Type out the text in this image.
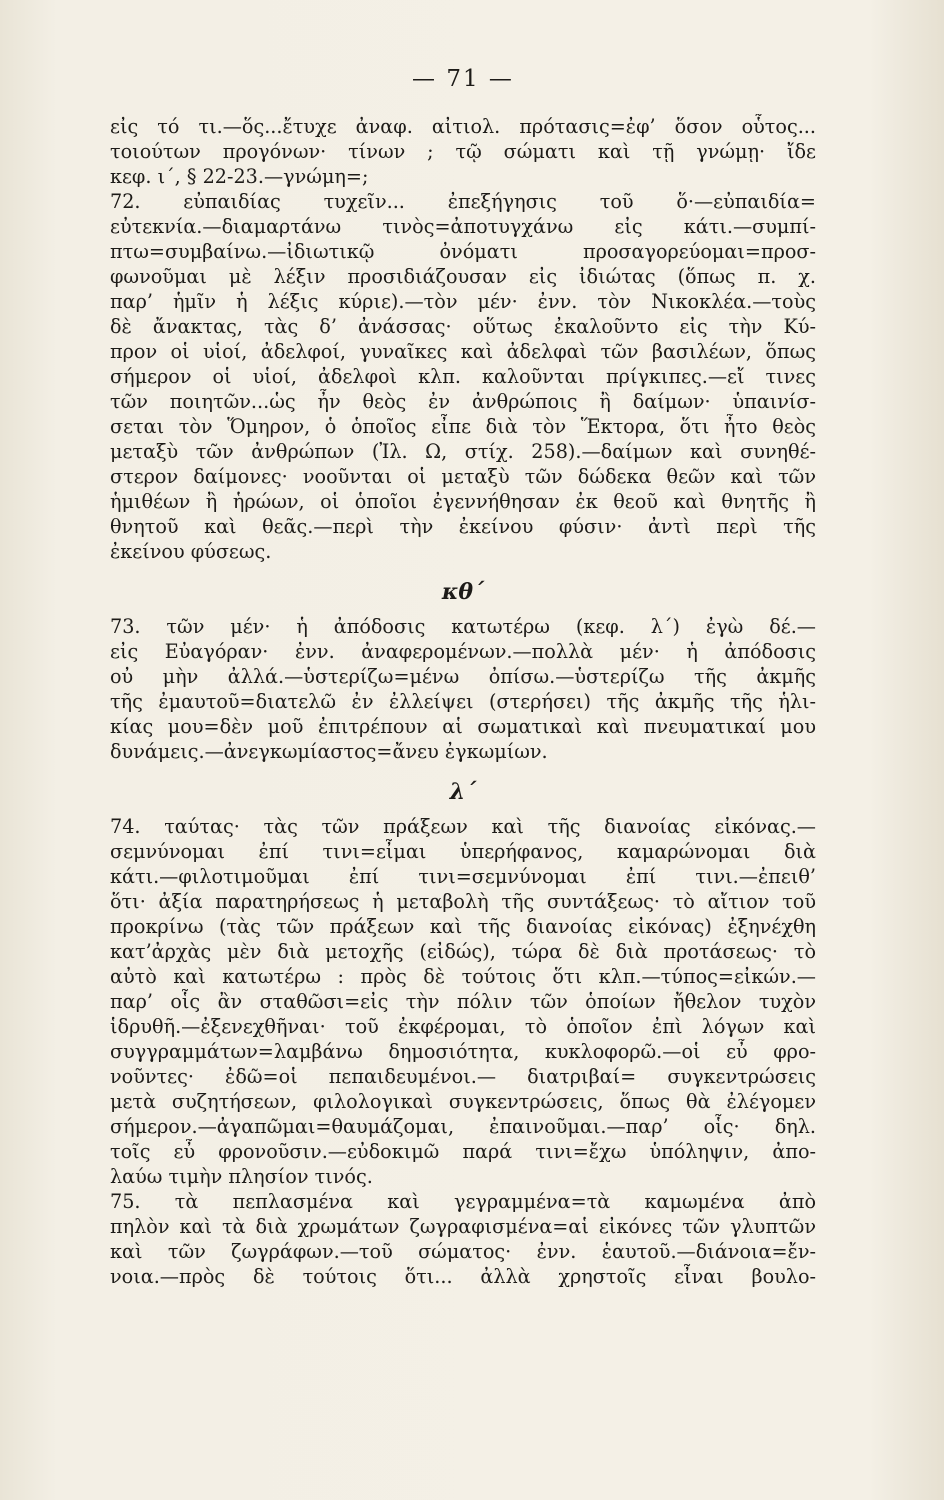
— 71 —
εἰς τό τι.—ὅς...ἔτυχε ἀναφ. αἰτιολ. πρότασις=ἐφ’ ὅσον οὗτος...
τοιούτων προγόνων· τίνων ; τῷ σώματι καὶ τῇ γνώμῃ· ἴδε
κεφ. ι΄, § 22-23.—γνώμη=;
72. εὐπαιδίας τυχεῖν... ἐπεξήγησις τοῦ ὅ·—εὐπαιδία=
εὐτεκνία.—διαμαρτάνω τινὸς=ἀποτυγχάνω εἰς κάτι.—συμπί-
πτω=συμβαίνω.—ἰδιωτικῷ ὀνόματι προσαγορεύομαι=προσ-
φωνοῦμαι μὲ λέξιν προσιδιάζουσαν εἰς ἰδιώτας (ὅπως π. χ.
παρ’ ἡμῖν ἡ λέξις κύριε).—τὸν μέν· ἐνν. τὸν Νικοκλέα.—τοὺς
δὲ ἄνακτας, τὰς δ’ ἀνάσσας· οὕτως ἐκαλοῦντο εἰς τὴν Κύ-
προν οἱ υἱοί, ἀδελφοί, γυναῖκες καὶ ἀδελφαὶ τῶν βασιλέων, ὅπως
σήμερον οἱ υἱοί, ἀδελφοὶ κλπ. καλοῦνται πρίγκιπες.—εἴ τινες
τῶν ποιητῶν...ὡς ἦν θεὸς ἐν ἀνθρώποις ἢ δαίμων· ὑπαινίσ-
σεται τὸν Ὅμηρον, ὁ ὁποῖος εἶπε διὰ τὸν Ἕκτορα, ὅτι ἦτο θεὸς
μεταξὺ τῶν ἀνθρώπων (Ἰλ. Ω, στίχ. 258).—δαίμων καὶ συνηθέ-
στερον δαίμονες· νοοῦνται οἱ μεταξὺ τῶν δώδεκα θεῶν καὶ τῶν
ἡμιθέων ἢ ἡρώων, οἱ ὁποῖοι ἐγεννήθησαν ἐκ θεοῦ καὶ θνητῆς ἢ
θνητοῦ καὶ θεᾶς.—περὶ τὴν ἐκείνου φύσιν· ἀντὶ περὶ τῆς
ἐκείνου φύσεως.
κθ΄
73. τῶν μέν· ἡ ἀπόδοσις κατωτέρω (κεφ. λ΄) ἐγὼ δέ.—
εἰς Εὐαγόραν· ἐνν. ἀναφερομένων.—πολλὰ μέν· ἡ ἀπόδοσις
οὐ μὴν ἀλλά.—ὑστερίζω=μένω ὀπίσω.—ὑστερίζω τῆς ἀκμῆς
τῆς ἐμαυτοῦ=διατελῶ ἐν ἐλλείψει (στερήσει) τῆς ἀκμῆς τῆς ἡλι-
κίας μου=δὲν μοῦ ἐπιτρέπουν αἱ σωματικαὶ καὶ πνευματικαί μου
δυνάμεις.—ἀνεγκωμίαστος=ἄνευ ἐγκωμίων.
λ΄
74. ταύτας· τὰς τῶν πράξεων καὶ τῆς διανοίας εἰκόνας.—
σεμνύνομαι ἐπί τινι=εἶμαι ὑπερήφανος, καμαρώνομαι διὰ
κάτι.—φιλοτιμοῦμαι ἐπί τινι=σεμνύνομαι ἐπί τινι.—ἐπειθ’
ὅτι· ἀξία παρατηρήσεως ἡ μεταβολὴ τῆς συντάξεως· τὸ αἴτιον τοῦ
προκρίνω (τὰς τῶν πράξεων καὶ τῆς διανοίας εἰκόνας) ἐξηνέχθη
κατ’ἀρχὰς μὲν διὰ μετοχῆς (εἰδώς), τώρα δὲ διὰ προτάσεως· τὸ
αὐτὸ καὶ κατωτέρω : πρὸς δὲ τούτοις ὅτι κλπ.—τύπος=εἰκών.—
παρ’ οἷς ἂν σταθῶσι=εἰς τὴν πόλιν τῶν ὁποίων ἤθελον τυχὸν
ἱδρυθῆ.—ἐξενεχθῆναι· τοῦ ἐκφέρομαι, τὸ ὁποῖον ἐπὶ λόγων καὶ
συγγραμμάτων=λαμβάνω δημοσιότητα, κυκλοφορῶ.—οἱ εὖ φρο-
νοῦντες· ἐδῶ=οἱ πεπαιδευμένοι.— διατριβαί= συγκεντρώσεις
μετὰ συζητήσεων, φιλολογικαὶ συγκεντρώσεις, ὅπως θὰ ἐλέγομεν
σήμερον.—ἀγαπῶμαι=θαυμάζομαι, ἐπαινοῦμαι.—παρ’ οἷς· δηλ.
τοῖς εὖ φρονοῦσιν.—εὐδοκιμῶ παρά τινι=ἔχω ὑπόληψιν, ἀπο-
λαύω τιμὴν πλησίον τινός.
75. τὰ πεπλασμένα καὶ γεγραμμένα=τὰ καμωμένα ἀπὸ
πηλὸν καὶ τὰ διὰ χρωμάτων ζωγραφισμένα=αἱ εἰκόνες τῶν γλυπτῶν
καὶ τῶν ζωγράφων.—τοῦ σώματος· ἐνν. ἑαυτοῦ.—διάνοια=ἔν-
νοια.—πρὸς δὲ τούτοις ὅτι... ἀλλὰ χρηστοῖς εἶναι βουλο-
